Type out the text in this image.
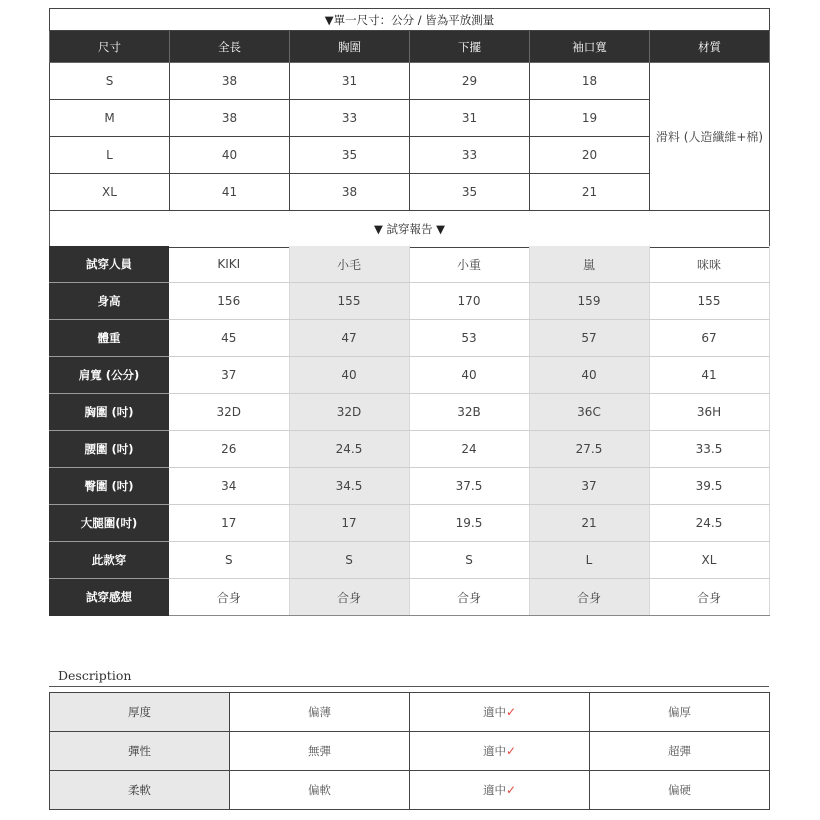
▼單一尺寸：公分 / 皆為平放測量					
尺寸	全長	胸圍	下擺	袖口寬	材質
S	38	31	29	18	滑料 (人造纖維+棉)
M	38	33	31	19	
L	40	35	33	20	
XL	41	38	35	21	
▼ 試穿報告 ▼					
試穿人員	KIKI	小毛	小重	嵐	咪咪
身高	156	155	170	159	155
體重	45	47	53	57	67
肩寬 (公分)	37	40	40	40	41
胸圍 (吋)	32D	32D	32B	36C	36H
腰圍 (吋)	26	24.5	24	27.5	33.5
臀圍 (吋)	34	34.5	37.5	37	39.5
大腿圍(吋)	17	17	19.5	21	24.5
此款穿	S	S	S	L	XL
試穿感想	合身	合身	合身	合身	合身
Description
厚度	偏薄	適中✓	偏厚
彈性	無彈	適中✓	超彈
柔軟	偏軟	適中✓	偏硬
